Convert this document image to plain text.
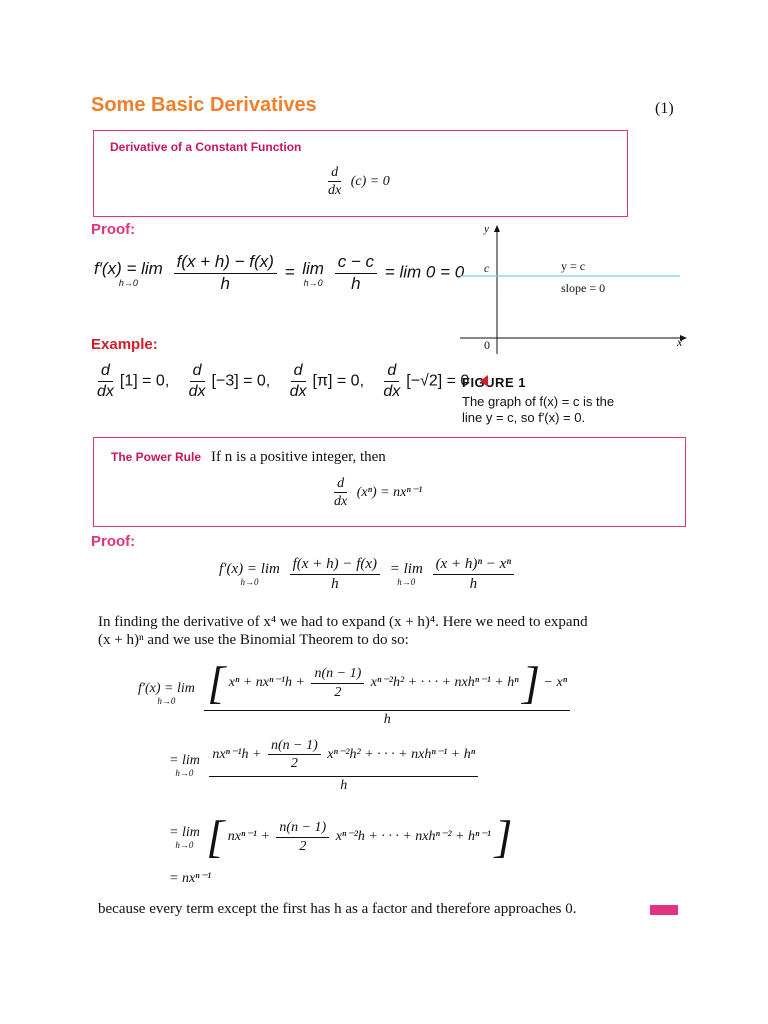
Some Basic Derivatives	(1)
Derivative of a Constant Function
$\frac{d}{dx} (c) = 0$
Proof:
f′(x) = lim
h→0
$\frac{f(x + h) - f(x)}{h} = \lim$
h→0
$\frac{c - c}{h} = \lim 0 = 0$
y
c
0	x
y = c
slope = 0
FIGURE 1
The graph of f(x) = c is the
line y = c, so f′(x) = 0.
Example:
$\frac{d}{dx} [1] = 0$, $\frac{d}{dx} [-3] = 0$, $\frac{d}{dx} [\pi] = 0$, $\frac{d}{dx} [-√2] = 0$
The Power Rule If n is a positive integer, then
$\frac{d}{dx} (x^n) = nx^{n-1}$
Proof:
f′(x) = lim
h→0
$\frac{f(x + h) - f(x)}{h}$
= lim
h→0
$\frac{\text{(x + h)ⁿ − xⁿ}}{h}$
In finding the derivative of x⁴ we had to expand (x + h)⁴. Here we need to expand
(x + h)ⁿ and we use the Binomial Theorem to do so:
f′(x) = lim
h→0
[ $x^n + nx^{n-1}h + \frac{n(n - 1)}{2} x^{n-2}h^2$ + · · · + nxhⁿ⁻¹ + hⁿ ] − xⁿ
h
= lim
h→0
$\frac{nx^{n-1}h + \frac{n(n - 1)}{2} x^{n-2}h^2 + \cdot \cdot \cdot + nxh^{n-1} + h^n}{h}$
= lim
h→0 [ $nx^{n-1} + \frac{n(n - 1)}{2} x^{n-2}h$ + · · · + nxhⁿ⁻² + hⁿ⁻¹ ]
= nxⁿ⁻¹
because every term except the first has h as a factor and therefore approaches 0.
